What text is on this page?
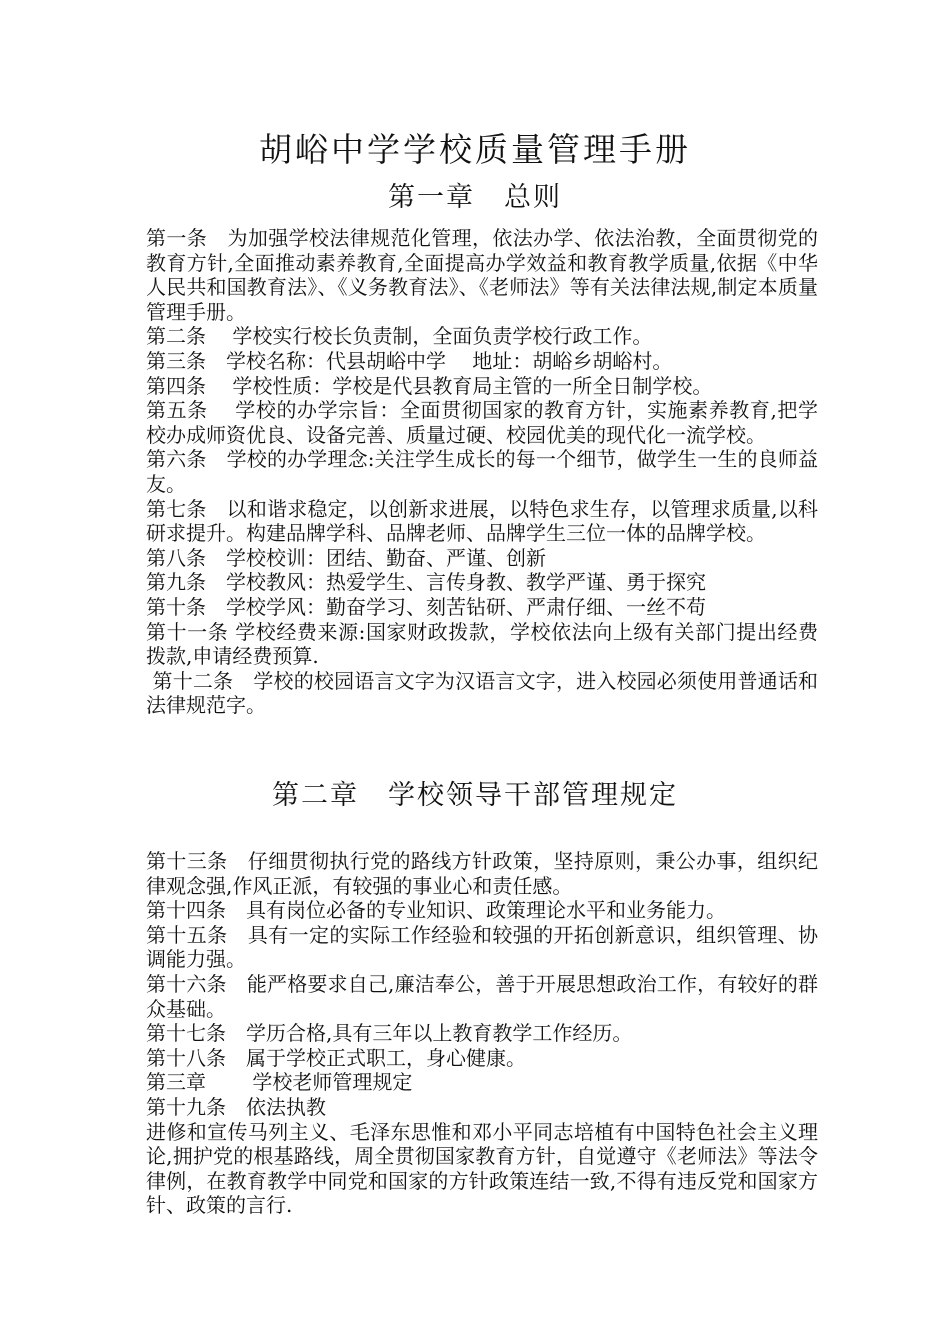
胡峪中学学校质量管理手册
第一章　总则

第一条　为加强学校法律规范化管理，依法办学、依法治教，全面贯彻党的教育方针,全面推动素养教育,全面提高办学效益和教育教学质量,依据《中华人民共和国教育法》、《义务教育法》、《老师法》等有关法律法规,制定本质量管理手册。

第二条　 学校实行校长负责制，全面负责学校行政工作。

第三条　学校名称：代县胡峪中学　 地址：胡峪乡胡峪村。

第四条　 学校性质：学校是代县教育局主管的一所全日制学校。

第五条　 学校的办学宗旨：全面贯彻国家的教育方针，实施素养教育,把学校办成师资优良、设备完善、质量过硬、校园优美的现代化一流学校。

第六条　学校的办学理念:关注学生成长的每一个细节，做学生一生的良师益友。

第七条　以和谐求稳定，以创新求进展，以特色求生存，以管理求质量,以科研求提升。构建品牌学科、品牌老师、品牌学生三位一体的品牌学校。

第八条　学校校训：团结、勤奋、严谨、创新

第九条　学校教风：热爱学生、言传身教、教学严谨、勇于探究

第十条　学校学风：勤奋学习、刻苦钻研、严肃仔细、一丝不苟

第十一条 学校经费来源:国家财政拨款，学校依法向上级有关部门提出经费拨款,申请经费预算.

第十二条　学校的校园语言文字为汉语言文字，进入校园必须使用普通话和法律规范字。

第二章　学校领导干部管理规定

第十三条　仔细贯彻执行党的路线方针政策，坚持原则，秉公办事，组织纪律观念强,作风正派，有较强的事业心和责任感。

第十四条　具有岗位必备的专业知识、政策理论水平和业务能力。

第十五条　具有一定的实际工作经验和较强的开拓创新意识，组织管理、协调能力强。

第十六条　能严格要求自己,廉洁奉公，善于开展思想政治工作，有较好的群众基础。

第十七条　学历合格,具有三年以上教育教学工作经历。

第十八条　属于学校正式职工，身心健康。

第三章　　 学校老师管理规定

第十九条　依法执教

进修和宣传马列主义、毛泽东思惟和邓小平同志培植有中国特色社会主义理论,拥护党的根基路线，周全贯彻国家教育方针，自觉遵守《老师法》等法令律例，在教育教学中同党和国家的方针政策连结一致,不得有违反党和国家方针、政策的言行.
